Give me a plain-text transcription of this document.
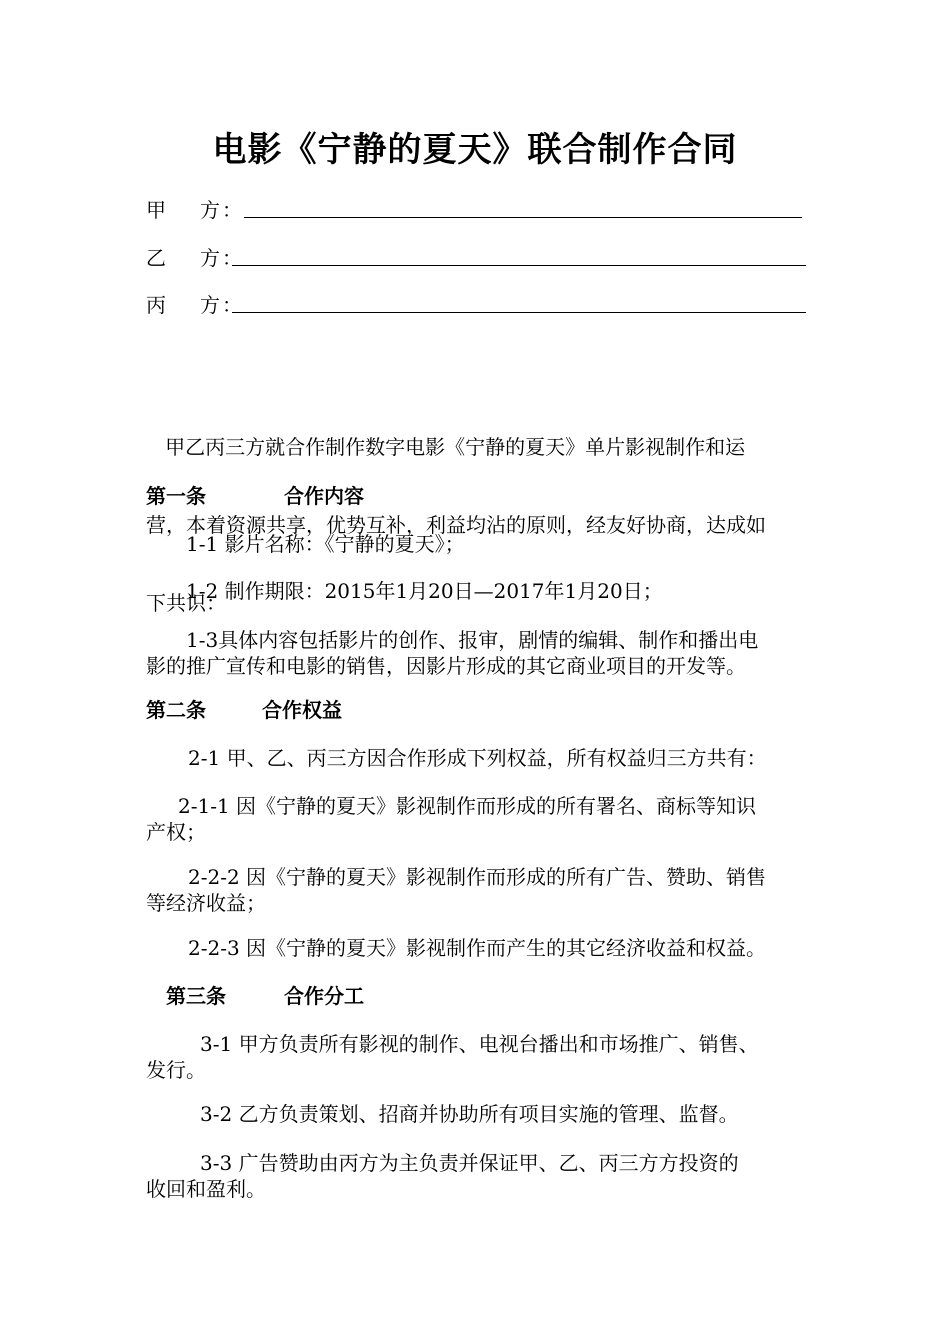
电影《宁静的夏天》联合制作合同
甲 方 ：
乙 方 ：
丙 方 ：

甲乙丙三方就合作制作数字电影《宁静的夏天》单片影视制作和运

营，本着资源共享，优势互补，利益均沾的原则，经友好协商，达成如

下共识：

第一条	合作内容
1-1 影片名称：《宁静的夏天》；
1-2 制作期限：2015年1月20日—2017年1月20日；
1-3具体内容包括影片的创作、报审，剧情的编辑、制作和播出电
影的推广宣传和电影的销售，因影片形成的其它商业项目的开发等。
第二条	合作权益
2-1 甲、乙、丙三方因合作形成下列权益，所有权益归三方共有：
2-1-1 因《宁静的夏天》影视制作而形成的所有署名、商标等知识
产权；
2-2-2 因《宁静的夏天》影视制作而形成的所有广告、赞助、销售
等经济收益；
2-2-3 因《宁静的夏天》影视制作而产生的其它经济收益和权益。
第三条	合作分工
3-1 甲方负责所有影视的制作、电视台播出和市场推广、销售、
发行。
3-2 乙方负责策划、招商并协助所有项目实施的管理、监督。
3-3 广告赞助由丙方为主负责并保证甲、乙、丙三方方投资的
收回和盈利。
